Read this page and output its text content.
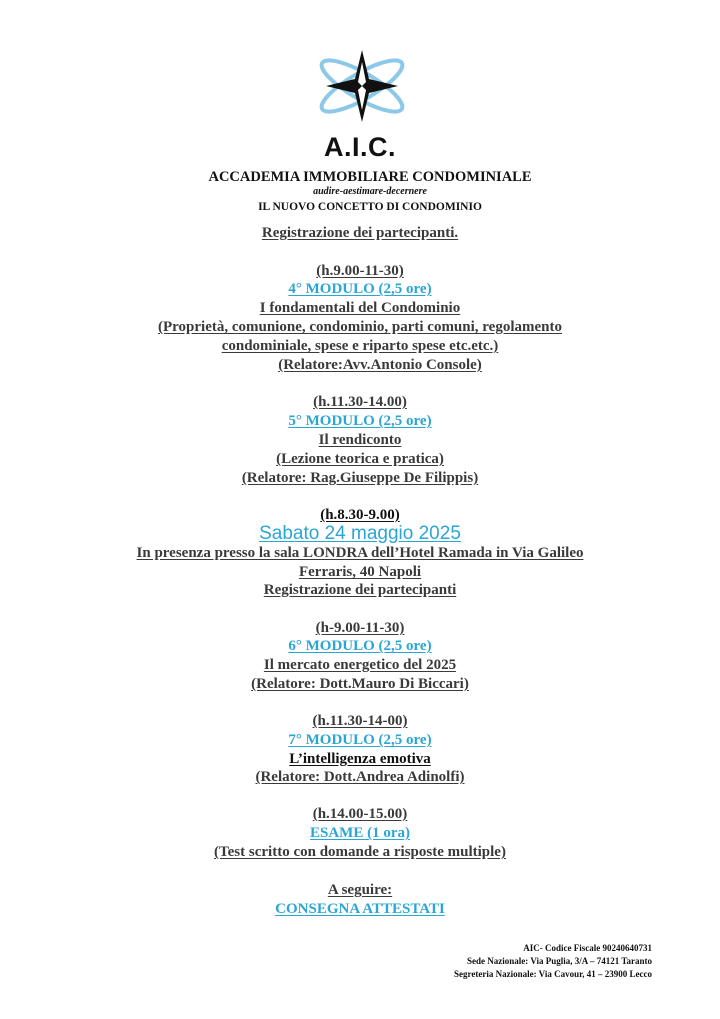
A.I.C.
ACCADEMIA IMMOBILIARE CONDOMINIALE
audire-aestimare-decernere
IL NUOVO CONCETTO DI CONDOMINIO
Registrazione dei partecipanti.
(h.9.00-11-30)
4° MODULO (2,5 ore)
I fondamentali del Condominio
(Proprietà, comunione, condominio, parti comuni, regolamento
condominiale, spese e riparto spese etc.etc.)
(Relatore:Avv.Antonio Console)
(h.11.30-14.00)
5° MODULO (2,5 ore)
Il rendiconto
(Lezione teorica e pratica)
(Relatore: Rag.Giuseppe De Filippis)
(h.8.30-9.00)
Sabato 24 maggio 2025
In presenza presso la sala LONDRA dell’Hotel Ramada in Via Galileo
Ferraris, 40 Napoli
Registrazione dei partecipanti
(h-9.00-11-30)
6° MODULO (2,5 ore)
Il mercato energetico del 2025
(Relatore: Dott.Mauro Di Biccari)
(h.11.30-14-00)
7° MODULO (2,5 ore)
L’intelligenza emotiva
(Relatore: Dott.Andrea Adinolfi)
(h.14.00-15.00)
ESAME (1 ora)
(Test scritto con domande a risposte multiple)
A seguire:
CONSEGNA ATTESTATI
AIC- Codice Fiscale 90240640731
Sede Nazionale: Via Puglia, 3/A – 74121 Taranto
Segreteria Nazionale: Via Cavour, 41 – 23900 Lecco
